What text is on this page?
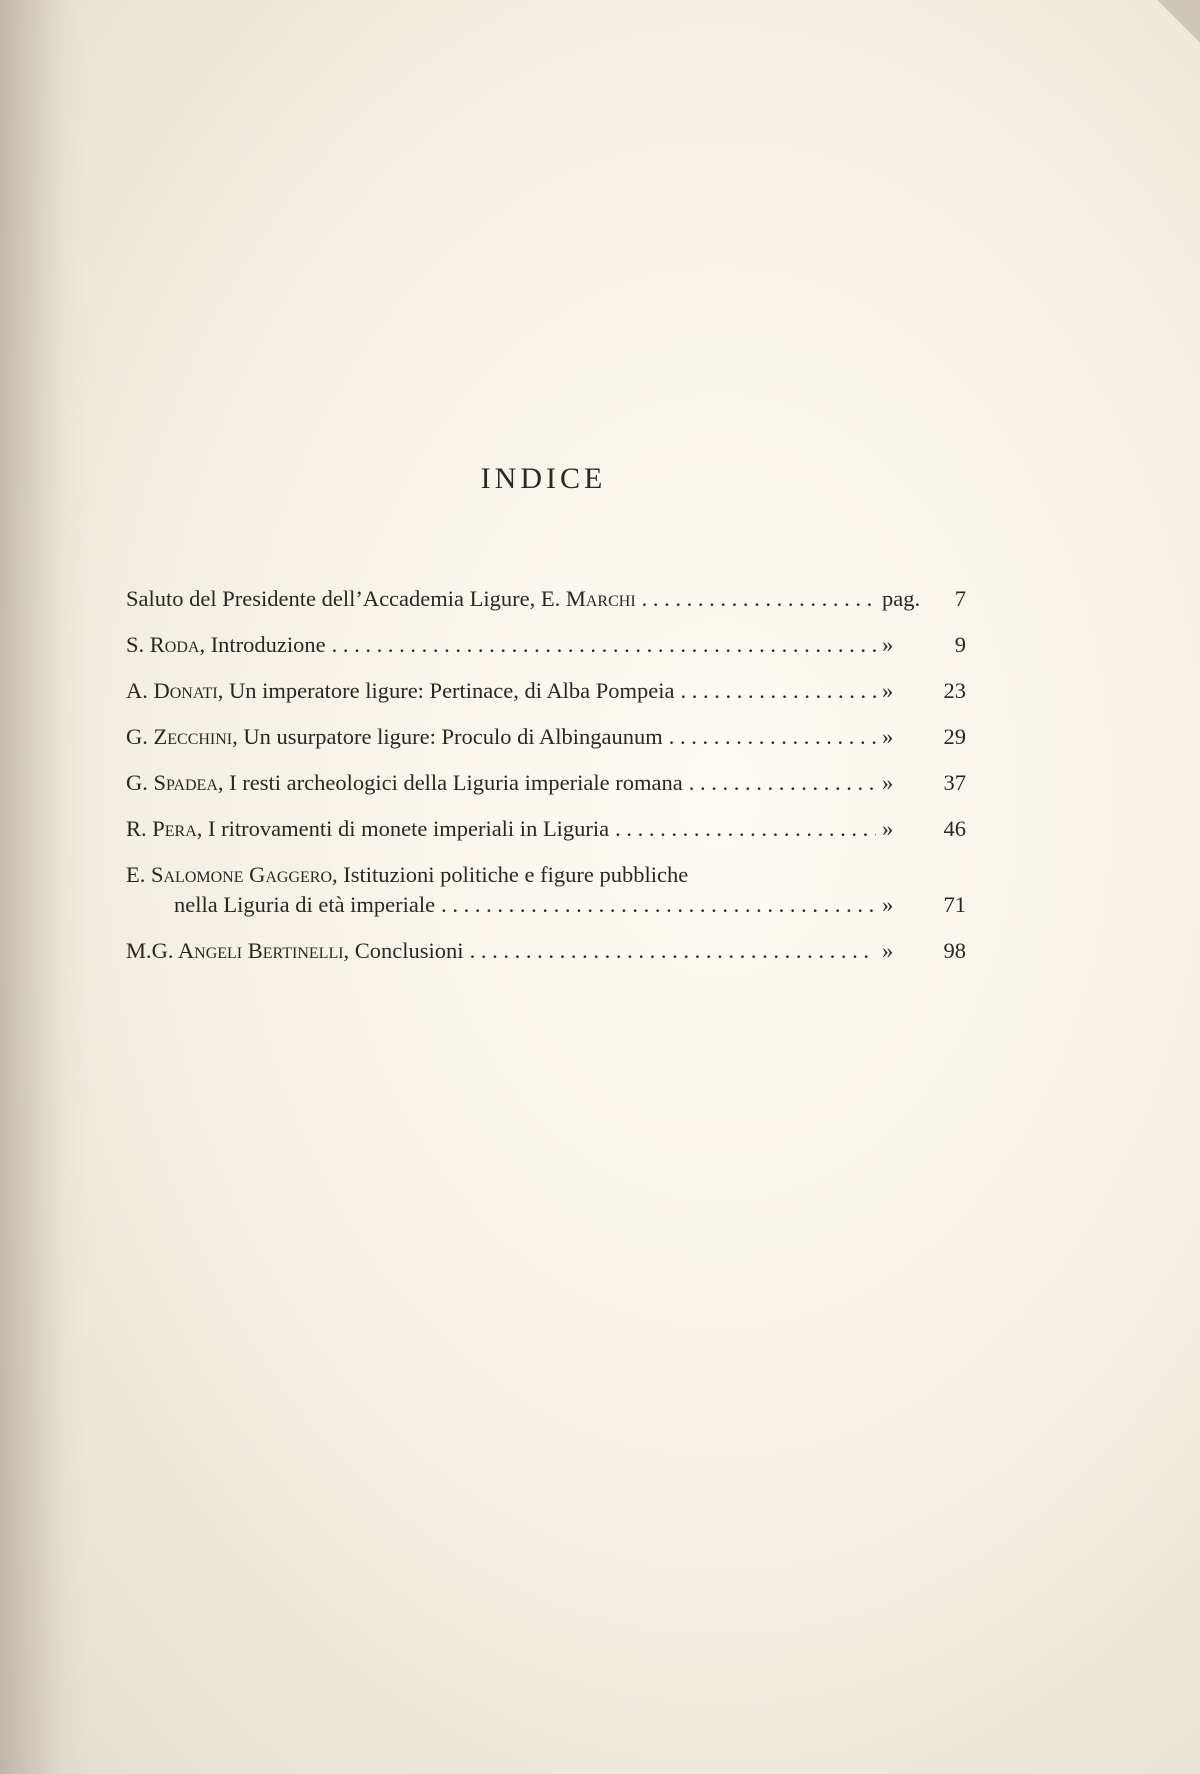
INDICE
Saluto del Presidente dell’Accademia Ligure, E. Marchi . . .	pag.	7
S. Roda, Introduzione . . .	»	9
A. Donati, Un imperatore ligure: Pertinace, di Alba Pompeia . . .	»	23
G. Zecchini, Un usurpatore ligure: Proculo di Albingaunum . . .	»	29
G. Spadea, I resti archeologici della Liguria imperiale romana . . .	»	37
R. Pera, I ritrovamenti di monete imperiali in Liguria . . .	»	46
E. Salomone Gaggero, Istituzioni politiche e figure pubbliche
nella Liguria di età imperiale . . .	»	71
M.G. Angeli Bertinelli, Conclusioni . . .	»	98
